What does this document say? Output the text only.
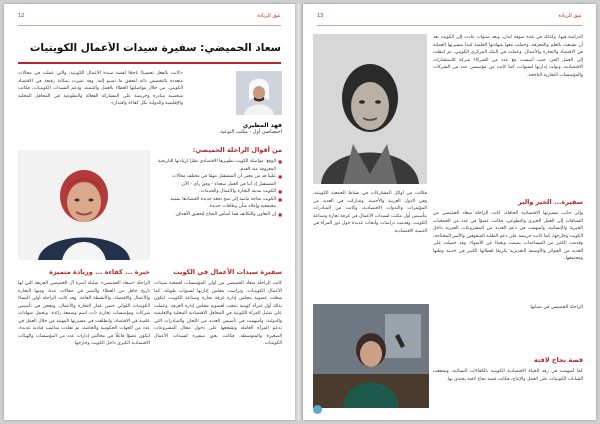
12	عبق الريادة
سعاد الحميضي: سفيرة سيدات الأعمال الكويتيات
«كانت بالفعل تجسيدًا ناجحًا لقصة سيدة الأعمال الكويتية، والتي عملت في مجالات متعددة بالتخصص ذاته لتحقق ما تصبو إليه. وقد تميزت بمكانة رفيعة في الاقتصاد الكويتي، من خلال مواصلتها العطاء بالعمل والتنمية، ودعم السيدات الكويتيات، فكانت شخصية مبادرة وحريصة على المشاركة الفعالة والتطوعية في المحافل المحلية والإقليمية والدولية بكل كفاءة واقتدار».
فهد المطيري
اختصاصي أول - مكتب التوعية
من أقوال الراحلة الحميضي:
■ الوقع: مواصلة الكويت تطويرها الاقتصادي نظرًا لريادتها التاريخية المعروفة منذ القدم.
■ علينا قد من معنى أن المستقبل مهمًا في مختلف مجالات المستقبل إذ أننا في العمل سعداء - وفق رأي - الآن.
■ الكويت مدينة التجارة والأعمال والخدمات.
■ الكويت بحاجة ماسة إلى منح دفعة جديدة لاقتصادها بتنمية مجتمعية وإعلاء شأن وطاقات جديدة.
■ إن التعاون والتكاتف هما أساس النجاح لتحقيق الأهداف.
خبرة ... كفاءة ... وريادة متميزة
الراحلة «سعاد الحميضي» سليلة أسرة آل الحميضي العريقة التي لها تاريخ حافل من العطاء والتميز في مجالات عدة، ومنها التجارة والأعمال والاقتصاد، والأنشطة العامة. وقد كانت الراحلة أولى النساء الكويتيات اللواتي خضن غمار التجارة والأعمال، ونجحن في تأسيس شركات ومؤسسات تجارية ذات اسم وسمعة رائدة. وتحمل شهادات علمية في الاقتصاد، وانطلقت في مسيرتها المهنية من خلال العمل في عدد من الجهات الحكومية والخاصة، ثم تقلدت مناصب قيادية عديدة، لتكون عضوًا فاعلًا في مجالس إدارات عدد من المؤسسات والهيئات الاقتصادية الكبرى داخل الكويت وخارجها.
سفيرة سيدات الأعمال في الكويت
كانت الراحلة سعاد الحميضي من أولى المؤسسات لجمعية سيدات الأعمال الكويتيات، وترأست مجلس إدارتها لسنوات طويلة، كما شغلت عضوية مجلس إدارة غرفة تجارة وصناعة الكويت، لتكون بذلك أول امرأة كويتية تنتخب لعضوية مجلس إدارة الغرفة. وعملت على تمثيل المرأة الكويتية في المحافل الاقتصادية المحلية والإقليمية والدولية، وأسهمت في تأسيس العديد من اللجان والمبادرات التي تدعم المرأة العاملة وتشجعها على دخول مجال المشروعات الصغيرة والمتوسطة، فكانت بحق سفيرة لسيدات الأعمال الكويتيات.
13	عبق الريادة
الدراسة فيها، وكذلك في بلدة صوفة لبنان، وبعد سنوات عادت إلى الكويت بعد أن تشبعت بالعلم والمعرفة، وحملت معها شهادتها العلمية لتبدأ مسيرتها العملية في الاقتصاد والتجارة والأعمال. وعملت في البنك المركزي الكويتي، ثم انتقلت إلى العمل الحر، حيث أسست مع عدد من الشركاء شركة للاستشارات الاقتصادية، وتولت إدارتها لسنوات، كما كانت من مؤسسي عدد من الشركات والمؤسسات التجارية الناجحة.
فكانت من أوائل المشاركات في نشاط الجمعية الكويتية، وفي الدول العربية والأجنبية، وشاركت في العديد من المؤتمرات والندوات الاقتصادية، وكانت من المبادرات بتأسيس أول مكتب لسيدات الأعمال في غرفة تجارة وصناعة الكويت، وقدمت دراسات وأبحاث عديدة حول دور المرأة في التنمية الاقتصادية.
سفيرة... الخير والبر
وإلى جانب مسيرتها الاقتصادية الحافلة، كانت الراحلة سعاد الحميضي من السباقات إلى العمل الخيري والتطوعي، فكانت عضوًا في عدد من الجمعيات الخيرية والإنسانية، وأسهمت في دعم العديد من المشروعات الخيرية داخل الكويت وخارجها، كما كانت حريصة على دعم الطلبة المتفوقين والأسر المحتاجة، وقدمت الكثير من المساعدات بصمت وبعيدًا عن الأضواء. وقد حصلت على العديد من الجوائز والأوسمة التقديرية تكريمًا لعطائها الكبير في خدمة وطنها ومجتمعها.
الراحلة الحميضي في شبابها
قصة نجاح لافتة
كما أسهمت في رفد الحياة الاقتصادية الكويتية بالكفاءات النسائية، وشجعت الشابات الكويتيات على العمل والإنتاج، فكانت قصة نجاح لافتة يحتذى بها.
